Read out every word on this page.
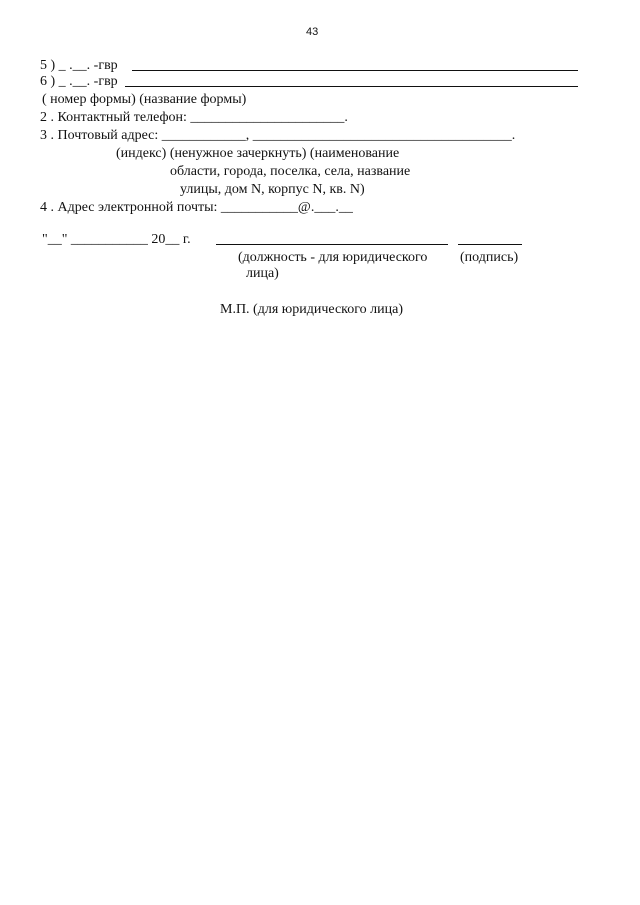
43
5 ) _ .__. -гвр
6 ) _ .__. -гвр
( номер формы) (название формы)
2 . Контактный телефон: ______________________.
3 . Почтовый адрес: ____________, _____________________________________.
(индекс) (ненужное зачеркнуть) (наименование
области, города, поселка, села, название
улицы, дом N, корпус N, кв. N)
4 . Адрес электронной почты: ___________@.___.__
"__" ___________ 20__ г.
(должность - для юридического (подпись)
лица)
М.П. (для юридического лица)
